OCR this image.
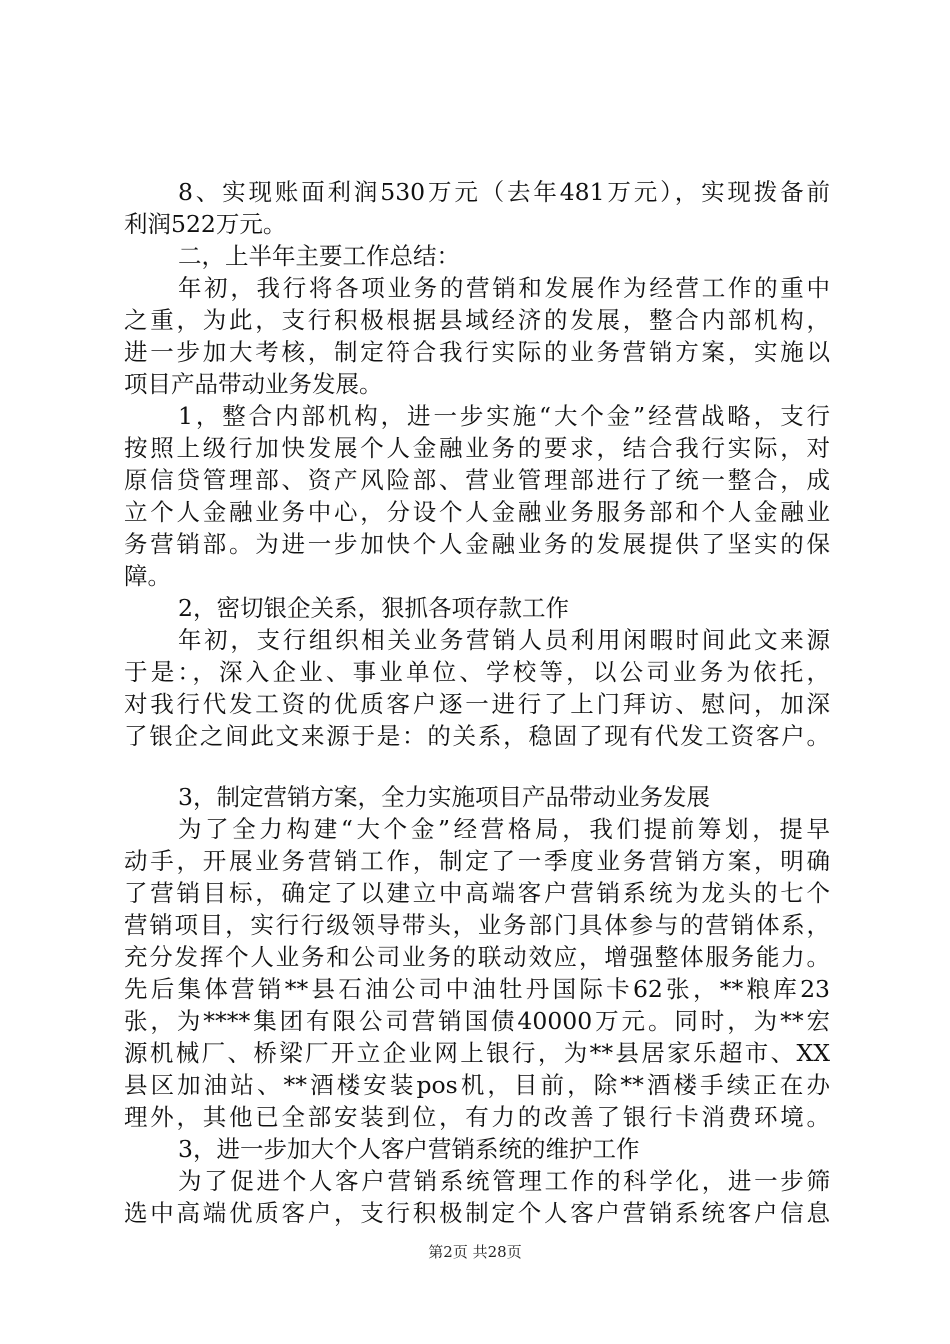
8、实现账面利润530万元（去年481万元），实现拨备前
利润522万元。
二，上半年主要工作总结：
年初，我行将各项业务的营销和发展作为经营工作的重中
之重，为此，支行积极根据县域经济的发展，整合内部机构，
进一步加大考核，制定符合我行实际的业务营销方案，实施以
项目产品带动业务发展。
1，整合内部机构，进一步实施“大个金”经营战略，支行
按照上级行加快发展个人金融业务的要求，结合我行实际，对
原信贷管理部、资产风险部、营业管理部进行了统一整合，成
立个人金融业务中心，分设个人金融业务服务部和个人金融业
务营销部。为进一步加快个人金融业务的发展提供了坚实的保
障。
2，密切银企关系，狠抓各项存款工作
年初，支行组织相关业务营销人员利用闲暇时间此文来源
于是：，深入企业、事业单位、学校等，以公司业务为依托，
对我行代发工资的优质客户逐一进行了上门拜访、慰问，加深
了银企之间此文来源于是：的关系，稳固了现有代发工资客户。
3，制定营销方案，全力实施项目产品带动业务发展
为了全力构建“大个金”经营格局，我们提前筹划，提早
动手，开展业务营销工作，制定了一季度业务营销方案，明确
了营销目标，确定了以建立中高端客户营销系统为龙头的七个
营销项目，实行行级领导带头，业务部门具体参与的营销体系，
充分发挥个人业务和公司业务的联动效应，增强整体服务能力。
先后集体营销**县石油公司中油牡丹国际卡62张，**粮库23
张，为****集团有限公司营销国债40000万元。同时，为**宏
源机械厂、桥梁厂开立企业网上银行，为**县居家乐超市、XX
县区加油站、**酒楼安装pos机，目前，除**酒楼手续正在办
理外，其他已全部安装到位，有力的改善了银行卡消费环境。
3，进一步加大个人客户营销系统的维护工作
为了促进个人客户营销系统管理工作的科学化，进一步筛
选中高端优质客户，支行积极制定个人客户营销系统客户信息
第2页 共28页
